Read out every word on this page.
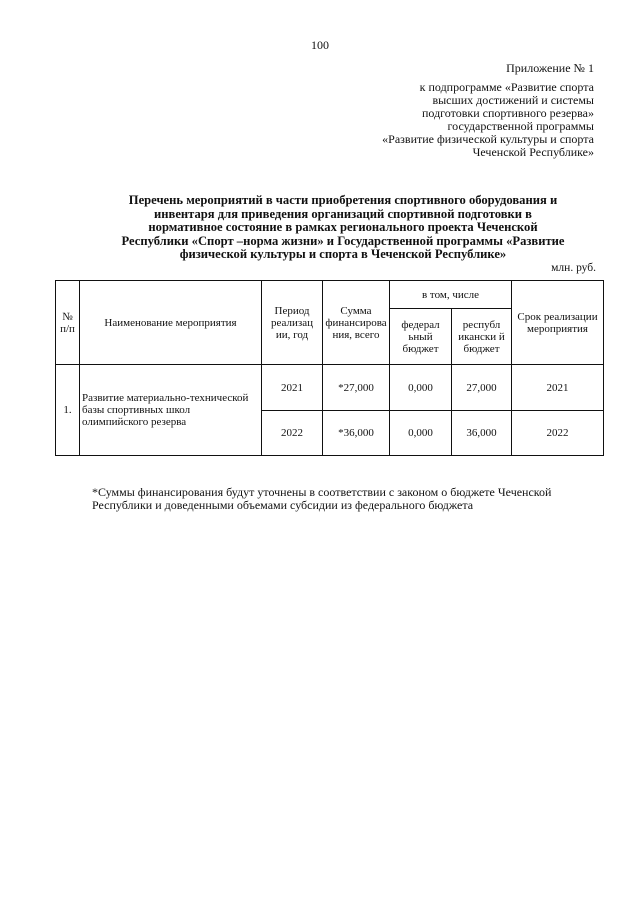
100
Приложение № 1
к подпрограмме «Развитие спорта
высших достижений и системы
подготовки спортивного резерва»
государственной программы
«Развитие физической культуры и спорта
Чеченской Республике»
Перечень мероприятий в части приобретения спортивного оборудования и
инвентаря для приведения организаций спортивной подготовки в
нормативное состояние в рамках регионального проекта Чеченской
Республики «Спорт –норма жизни» и Государственной программы «Развитие
физической культуры и спорта в Чеченской Республике»
млн. руб.
№ п/п	Наименование мероприятия	Период реализац ии, год	Сумма финансирова ния, всего	в том, числе		Срок реализации мероприятия
				федерал ьный бюджет	республ икански й бюджет	
1.	Развитие материально-технической базы спортивных школ олимпийского резерва	2021	*27,000	0,000	27,000	2021
		2022	*36,000	0,000	36,000	2022
*Суммы финансирования будут уточнены в соответствии с законом о бюджете Чеченской Республики и доведенными объемами субсидии из федерального бюджета
